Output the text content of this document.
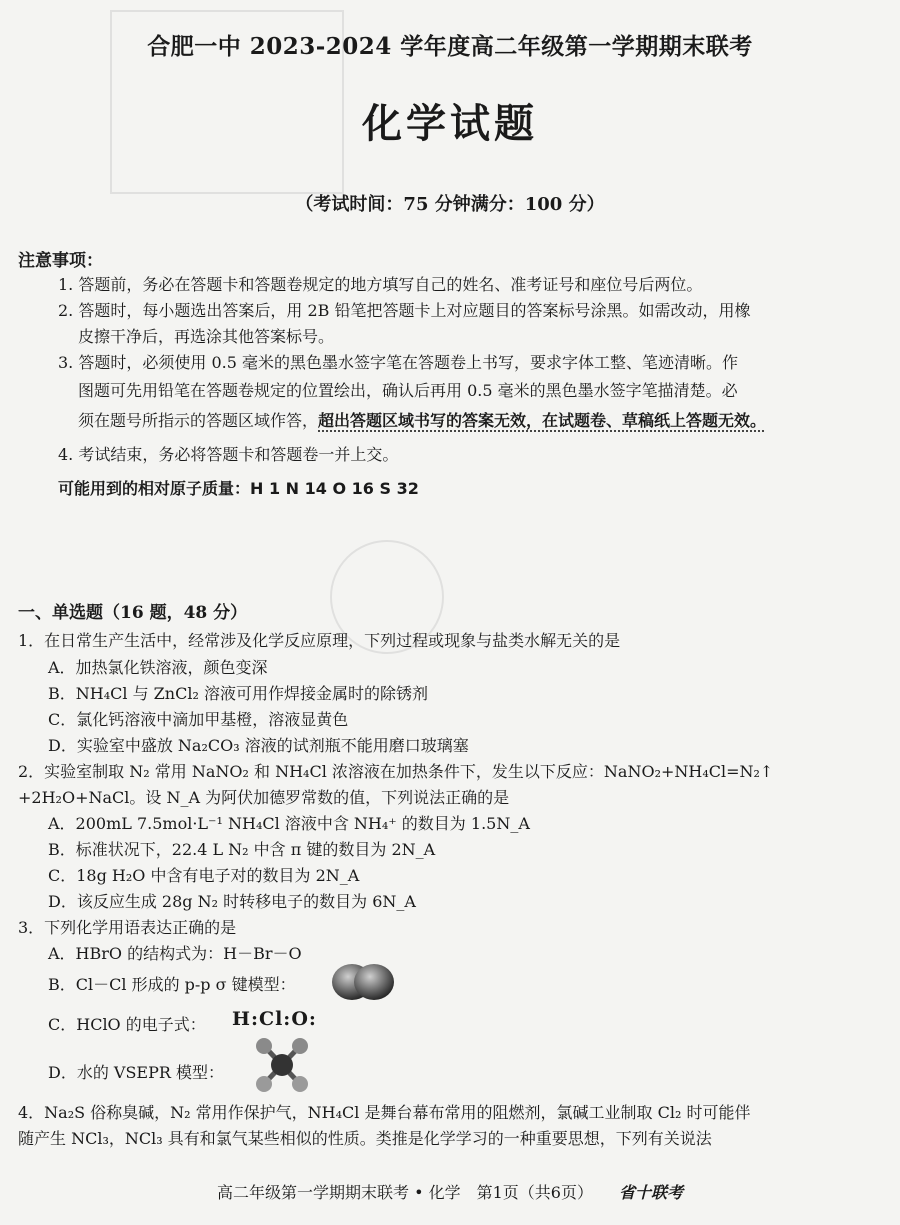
合肥一中 2023-2024 学年度高二年级第一学期期末联考
化学试题
（考试时间：75 分钟满分：100 分）
注意事项：
1. 答题前，务必在答题卡和答题卷规定的地方填写自己的姓名、准考证号和座位号后两位。
2. 答题时，每小题选出答案后，用 2B 铅笔把答题卡上对应题目的答案标号涂黑。如需改动，用橡
皮擦干净后，再选涂其他答案标号。
3. 答题时，必须使用 0.5 毫米的黑色墨水签字笔在答题卷上书写，要求字体工整、笔迹清晰。作
图题可先用铅笔在答题卷规定的位置绘出，确认后再用 0.5 毫米的黑色墨水签字笔描清楚。必
须在题号所指示的答题区域作答，超出答题区域书写的答案无效，在试题卷、草稿纸上答题无效。
4. 考试结束，务必将答题卡和答题卷一并上交。
可能用到的相对原子质量：H 1 N 14 O 16 S 32
一、单选题（16 题，48 分）
1．在日常生产生活中，经常涉及化学反应原理，下列过程或现象与盐类水解无关的是
A．加热氯化铁溶液，颜色变深
B．NH₄Cl 与 ZnCl₂ 溶液可用作焊接金属时的除锈剂
C．氯化钙溶液中滴加甲基橙，溶液显黄色
D．实验室中盛放 Na₂CO₃ 溶液的试剂瓶不能用磨口玻璃塞
2．实验室制取 N₂ 常用 NaNO₂ 和 NH₄Cl 浓溶液在加热条件下，发生以下反应：NaNO₂+NH₄Cl=N₂↑
+2H₂O+NaCl。设 N_A 为阿伏加德罗常数的值，下列说法正确的是
A．200mL 7.5mol·L⁻¹ NH₄Cl 溶液中含 NH₄⁺ 的数目为 1.5N_A
B．标准状况下，22.4 L N₂ 中含 π 键的数目为 2N_A
C．18g H₂O 中含有电子对的数目为 2N_A
D．该反应生成 28g N₂ 时转移电子的数目为 6N_A
3．下列化学用语表达正确的是
A．HBrO 的结构式为：H－Br－O
B．Cl－Cl 形成的 p-p σ 键模型：
C．HClO 的电子式： H:Cl:O:
D．水的 VSEPR 模型：
4．Na₂S 俗称臭碱，N₂ 常用作保护气，NH₄Cl 是舞台幕布常用的阻燃剂，氯碱工业制取 Cl₂ 时可能伴
随产生 NCl₃，NCl₃ 具有和氯气某些相似的性质。类推是化学学习的一种重要思想，下列有关说法
高二年级第一学期期末联考 • 化学　第1页（共6页） 省十联考
